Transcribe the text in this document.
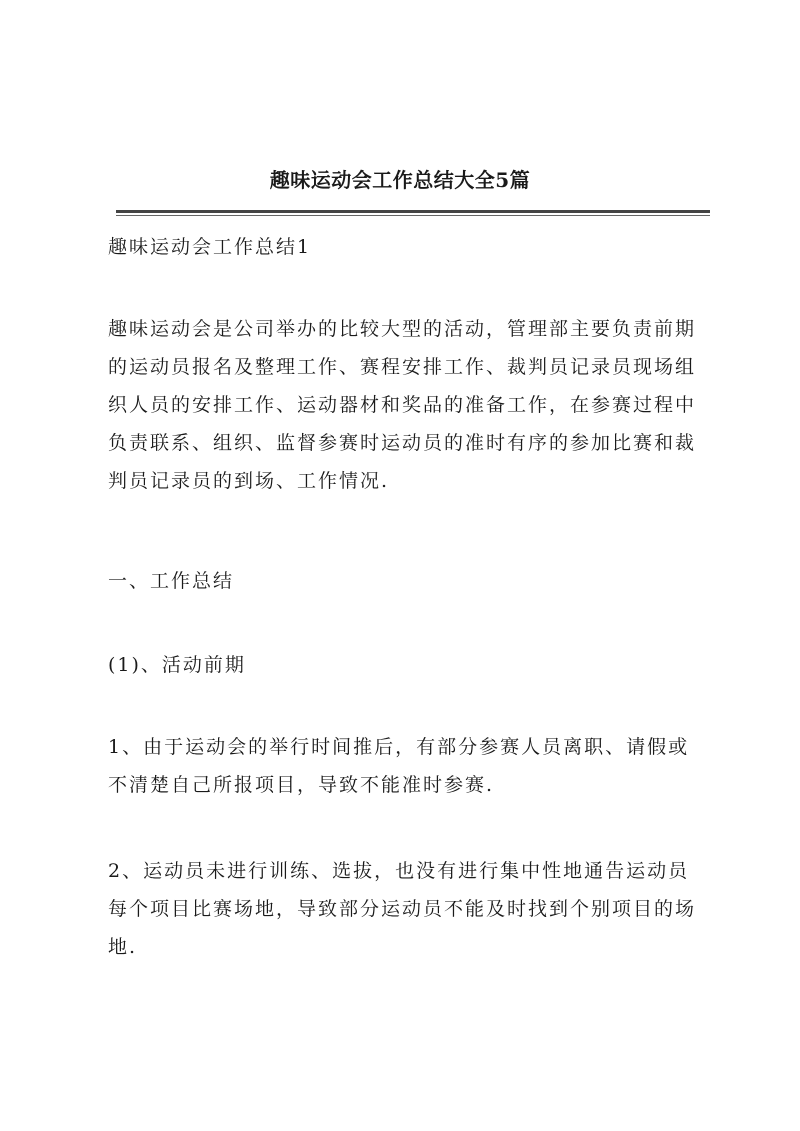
趣味运动会工作总结大全5篇
趣味运动会工作总结1
趣味运动会是公司举办的比较大型的活动，管理部主要负责前期的运动员报名及整理工作、赛程安排工作、裁判员记录员现场组织人员的安排工作、运动器材和奖品的准备工作，在参赛过程中负责联系、组织、监督参赛时运动员的准时有序的参加比赛和裁判员记录员的到场、工作情况.
一、工作总结
(1)、活动前期
1、由于运动会的举行时间推后，有部分参赛人员离职、请假或不清楚自己所报项目，导致不能准时参赛.
2、运动员未进行训练、选拔，也没有进行集中性地通告运动员每个项目比赛场地，导致部分运动员不能及时找到个别项目的场地.
